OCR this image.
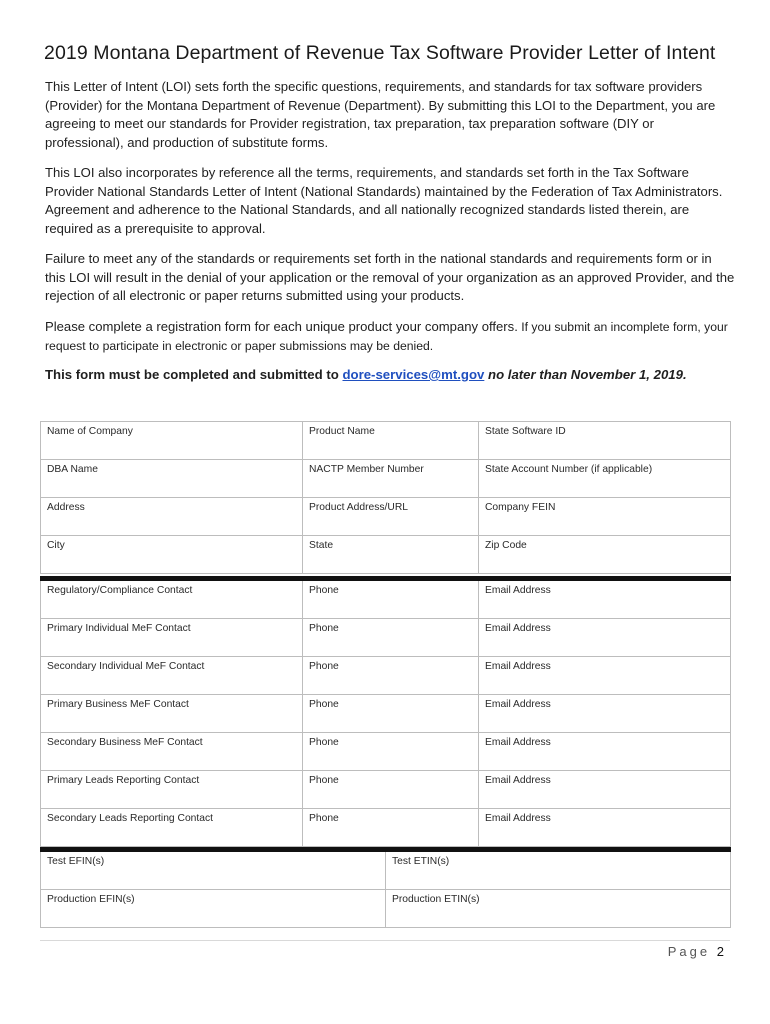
2019 Montana Department of Revenue Tax Software Provider Letter of Intent

This Letter of Intent (LOI) sets forth the specific questions, requirements, and standards for tax software providers (Provider) for the Montana Department of Revenue (Department). By submitting this LOI to the Department, you are agreeing to meet our standards for Provider registration, tax preparation, tax preparation software (DIY or professional), and production of substitute forms.

This LOI also incorporates by reference all the terms, requirements, and standards set forth in the Tax Software Provider National Standards Letter of Intent (National Standards) maintained by the Federation of Tax Administrators. Agreement and adherence to the National Standards, and all nationally recognized standards listed therein, are required as a prerequisite to approval.

Failure to meet any of the standards or requirements set forth in the national standards and requirements form or in this LOI will result in the denial of your application or the removal of your organization as an approved Provider, and the rejection of all electronic or paper returns submitted using your products.

Please complete a registration form for each unique product your company offers. If you submit an incomplete form, your request to participate in electronic or paper submissions may be denied.

This form must be completed and submitted to dore-services@mt.gov no later than November 1, 2019.

Name of Company	Product Name	State Software ID
DBA Name	NACTP Member Number	State Account Number (if applicable)
Address	Product Address/URL	Company FEIN
City	State	Zip Code
Regulatory/Compliance Contact	Phone	Email Address
Primary Individual MeF Contact	Phone	Email Address
Secondary Individual MeF Contact	Phone	Email Address
Primary Business MeF Contact	Phone	Email Address
Secondary Business MeF Contact	Phone	Email Address
Primary Leads Reporting Contact	Phone	Email Address
Secondary Leads Reporting Contact	Phone	Email Address
Test EFIN(s)	Test ETIN(s)
Production EFIN(s)	Production ETIN(s)
Page 2
